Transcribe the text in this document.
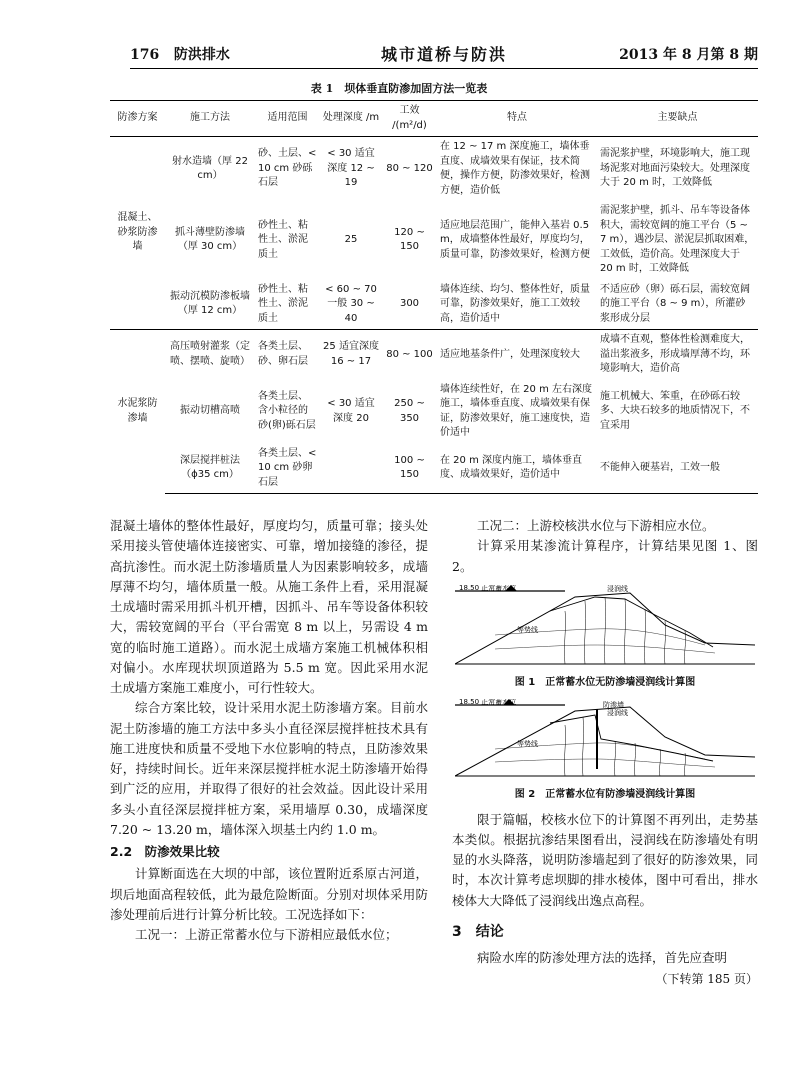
176 防洪排水	城市道桥与防洪	2013 年 8 月第 8 期
表 1　坝体垂直防渗加固方法一览表
防渗方案	施工方法	适用范围	处理深度 /m	工效 /(m²/d)	特点	主要缺点
混凝土、砂浆防渗墙	射水造墙（厚 22 cm）	砂、土层、< 10 cm 砂砾石层	< 30 适宜深度 12 ~ 19	80 ~ 120	在 12 ~ 17 m 深度施工，墙体垂直度、成墙效果有保证，技术简便，操作方便，防渗效果好，检测方便，造价低	需泥浆护壁，环境影响大，施工现场泥浆对地面污染较大。处理深度大于 20 m 时，工效降低
	抓斗薄壁防渗墙（厚 30 cm）	砂性土、粘性土、淤泥质土	25	120 ~ 150	适应地层范围广，能伸入基岩 0.5 m，成墙整体性最好，厚度均匀，质量可靠，防渗效果好，检测方便	需泥浆护壁，抓斗、吊车等设备体积大，需较宽阔的施工平台（5 ~ 7 m），遇沙层、淤泥层抓取困难，工效低，造价高。处理深度大于 20 m 时，工效降低
	振动沉模防渗板墙（厚 12 cm）	砂性土、粘性土、淤泥质土	< 60 ~ 70 一般 30 ~ 40	300	墙体连续、均匀、整体性好，质量可靠，防渗效果好，施工工效较高，造价适中	不适应砂（卵）砾石层，需较宽阔的施工平台（8 ~ 9 m），所灌砂浆形成分层
水泥浆防渗墙	高压喷射灌浆（定喷、摆喷、旋喷）	各类土层、砂、卵石层	25 适宜深度 16 ~ 17	80 ~ 100	适应地基条件广，处理深度较大	成墙不直观，整体性检测难度大，溢出浆液多，形成墙厚薄不均，环境影响大，造价高
	振动切槽高喷	各类土层、含小粒径的砂(卵)砾石层	< 30 适宜深度 20	250 ~ 350	墙体连续性好，在 20 m 左右深度施工，墙体垂直度、成墙效果有保证，防渗效果好，施工速度快，造价适中	施工机械大、笨重，在砂砾石较多、大块石较多的地质情况下，不宜采用
	深层搅拌桩法（ϕ35 cm）	各类土层、< 10 cm 砂卵石层		100 ~ 150	在 20 m 深度内施工，墙体垂直度、成墙效果好，造价适中	不能伸入硬基岩，工效一般

混凝土墙体的整体性最好，厚度均匀，质量可靠；接头处采用接头管使墙体连接密实、可靠，增加接缝的渗径，提高抗渗性。而水泥土防渗墙质量人为因素影响较多，成墙厚薄不均匀，墙体质量一般。从施工条件上看，采用混凝土成墙时需采用抓斗机开槽，因抓斗、吊车等设备体积较大，需较宽阔的平台（平台需宽 8 m 以上，另需设 4 m 宽的临时施工道路）。而水泥土成墙方案施工机械体积相对偏小。水库现状坝顶道路为 5.5 m 宽。因此采用水泥土成墙方案施工难度小，可行性较大。

综合方案比较，设计采用水泥土防渗墙方案。目前水泥土防渗墙的施工方法中多头小直径深层搅拌桩技术具有施工进度快和质量不受地下水位影响的特点，且防渗效果好，持续时间长。近年来深层搅拌桩水泥土防渗墙开始得到广泛的应用，并取得了很好的社会效益。因此设计采用多头小直径深层搅拌桩方案，采用墙厚 0.30，成墙深度 7.20 ~ 13.20 m，墙体深入坝基土内约 1.0 m。

2.2　防渗效果比较

计算断面选在大坝的中部，该位置附近系原古河道，坝后地面高程较低，此为最危险断面。分别对坝体采用防渗处理前后进行计算分析比较。工况选择如下：

工况一：上游正常蓄水位与下游相应最低水位；

工况二：上游校核洪水位与下游相应水位。

计算采用某渗流计算程序，计算结果见图 1、图 2。

18.50 正常蓄水位	浸润线
等势线
图 1　正常蓄水位无防渗墙浸润线计算图
18.50 正常蓄水位	防渗墙
浸润线
等势线
图 2　正常蓄水位有防渗墙浸润线计算图

限于篇幅，校核水位下的计算图不再列出，走势基本类似。根据抗渗结果图看出，浸润线在防渗墙处有明显的水头降落，说明防渗墙起到了很好的防渗效果，同时，本次计算考虑坝脚的排水棱体，图中可看出，排水棱体大大降低了浸润线出逸点高程。

3　结论

病险水库的防渗处理方法的选择，首先应查明

（下转第 185 页）
